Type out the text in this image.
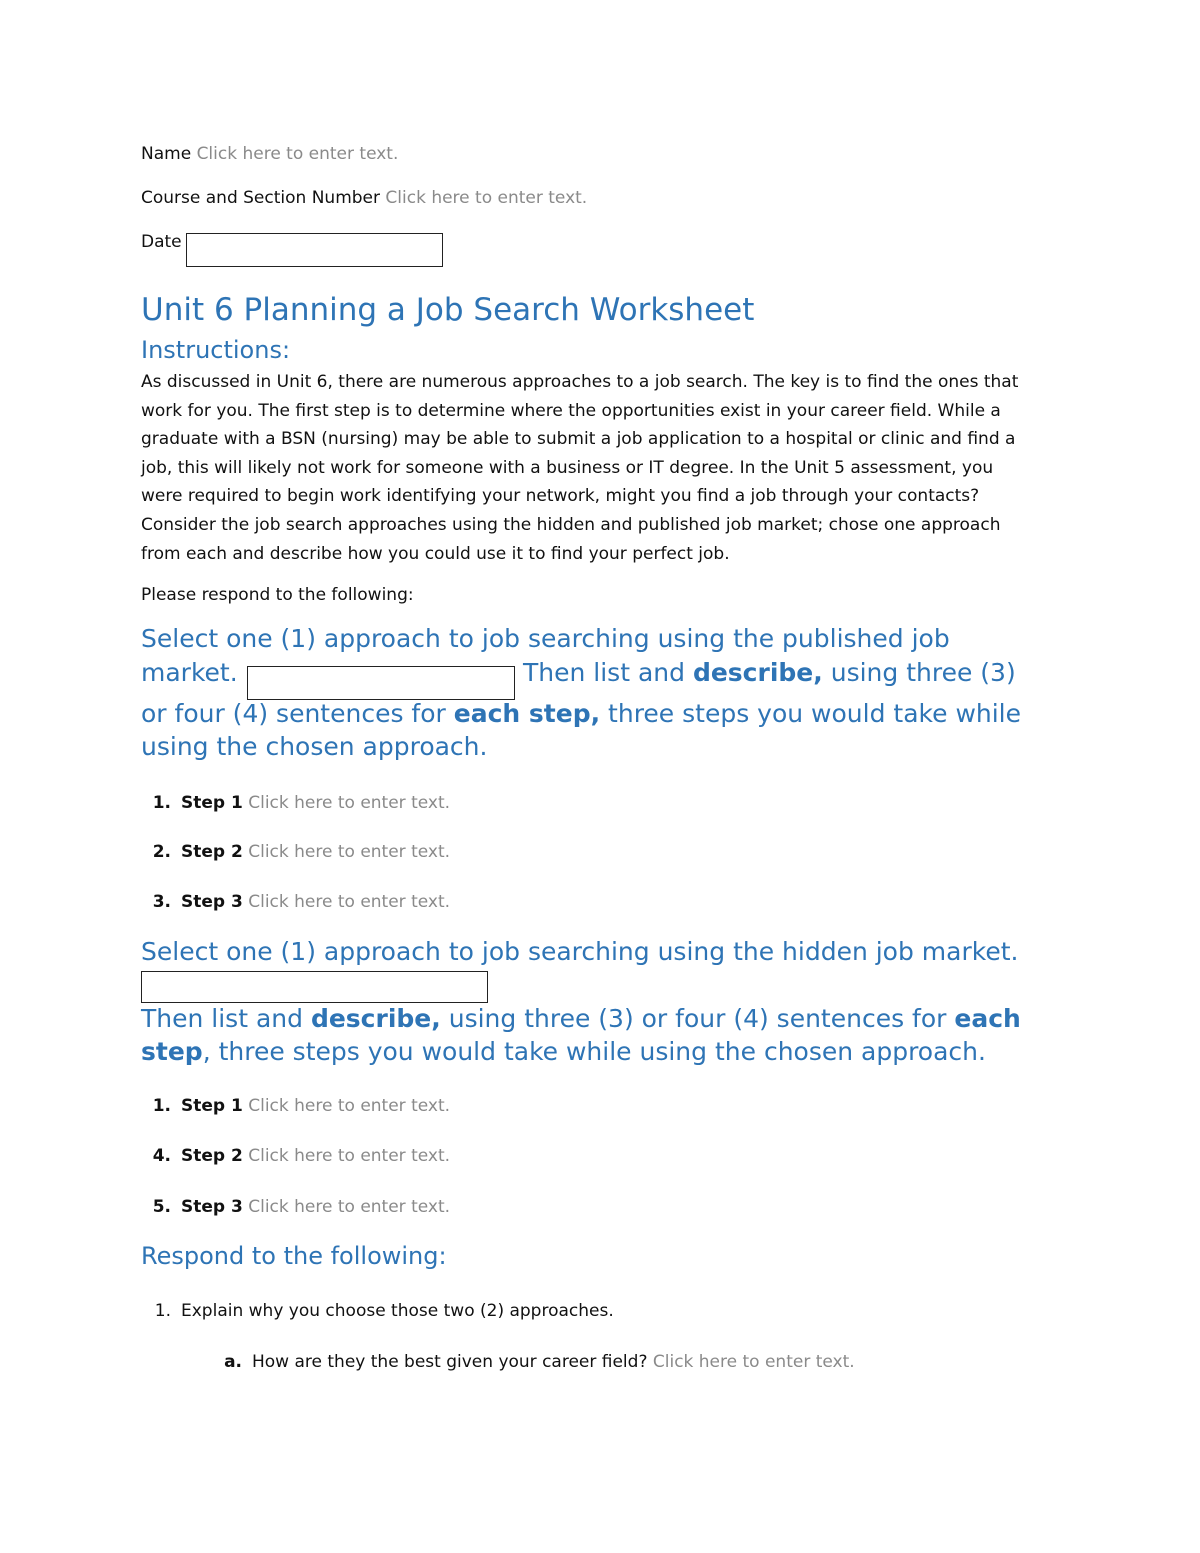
Name Click here to enter text.
Course and Section Number Click here to enter text.
Date
Unit 6 Planning a Job Search Worksheet
Instructions:
As discussed in Unit 6, there are numerous approaches to a job search. The key is to find the ones that
work for you. The first step is to determine where the opportunities exist in your career field. While a
graduate with a BSN (nursing) may be able to submit a job application to a hospital or clinic and find a
job, this will likely not work for someone with a business or IT degree. In the Unit 5 assessment, you
were required to begin work identifying your network, might you find a job through your contacts?
Consider the job search approaches using the hidden and published job market; chose one approach
from each and describe how you could use it to find your perfect job.
Please respond to the following:
Select one (1) approach to job searching using the published job
market.	Then list and describe, using three (3)
or four (4) sentences for each step, three steps you would take while
using the chosen approach.
1. Step 1 Click here to enter text.
2. Step 2 Click here to enter text.
3. Step 3 Click here to enter text.
Select one (1) approach to job searching using the hidden job market.
Then list and describe, using three (3) or four (4) sentences for each
step, three steps you would take while using the chosen approach.
1. Step 1 Click here to enter text.
4. Step 2 Click here to enter text.
5. Step 3 Click here to enter text.
Respond to the following:
1. Explain why you choose those two (2) approaches.
a. How are they the best given your career field? Click here to enter text.
